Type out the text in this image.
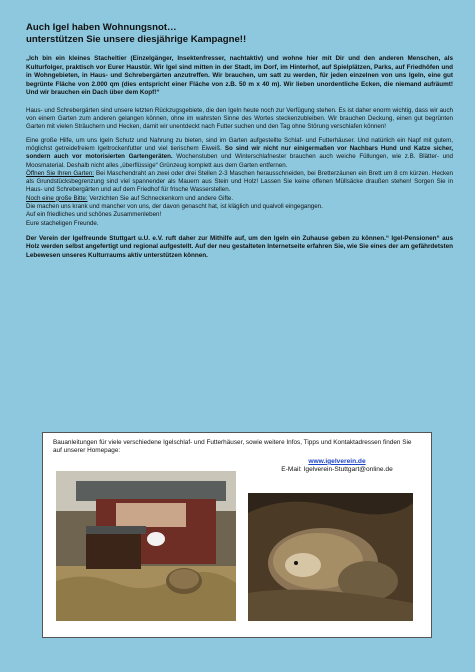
Auch Igel haben Wohnungsnot…
unterstützen Sie unsere diesjährige Kampagne!!
„Ich bin ein kleines Stacheltier (Einzelgänger, Insektenfresser, nachtaktiv) und wohne hier mit Dir und den anderen Menschen, als Kulturfolger, praktisch vor Eurer Haustür. Wir Igel sind mitten in der Stadt, im Dorf, im Hinterhof, auf Spielplätzen, Parks, auf Friedhöfen und in Wohngebieten, in Haus- und Schrebergärten anzutreffen. Wir brauchen, um satt zu werden, für jeden einzelnen von uns Igeln, eine gut begrünte Fläche von 2.000 qm (dies entspricht einer Fläche von z.B. 50 m x 40 m). Wir lieben unordentliche Ecken, die niemand aufräumt! Und wir brauchen ein Dach über dem Kopf!“

Haus- und Schrebergärten sind unsere letzten Rückzugsgebiete, die den Igeln heute noch zur Verfügung stehen. Es ist daher enorm wichtig, dass wir auch von einem Garten zum anderen gelangen können, ohne im wahrsten Sinne des Wortes steckenzubleiben. Wir brauchen Deckung, einen gut begrünten Garten mit vielen Sträuchern und Hecken, damit wir unentdeckt nach Futter suchen und den Tag ohne Störung verschlafen können!

Eine große Hilfe, um uns Igeln Schutz und Nahrung zu bieten, sind im Garten aufgestellte Schlaf- und Futterhäuser. Und natürlich ein Napf mit gutem, möglichst getreidefreiem Igeltrockenfutter und viel tierischem Eiweiß. So sind wir nicht nur einigermaßen vor Nachbars Hund und Katze sicher, sondern auch vor motorisierten Gartengeräten. Wochenstuben und Winterschlafnester brauchen auch weiche Füllungen, wie z.B. Blätter- und Moosmaterial. Deshalb nicht alles „überflüssige“ Grünzeug komplett aus dem Garten entfernen.

Öffnen Sie Ihren Garten: Bei Maschendraht an zwei oder drei Stellen 2-3 Maschen herausschneiden, bei Bretterzäunen ein Brett um 8 cm kürzen. Hecken als Grundstücksbegrenzung sind viel spannender als Mauern aus Stein und Holz! Lassen Sie keine offenen Müllsäcke draußen stehen! Sorgen Sie in Haus- und Schrebergärten und auf dem Friedhof für frische Wasserstellen.

Noch eine große Bitte: Verzichten Sie auf Schneckenkorn und andere Gifte.

Die machen uns krank und mancher von uns, der davon genascht hat, ist kläglich und qualvoll eingegangen.

Auf ein friedliches und schönes Zusammenleben!

Eure stacheligen Freunde.

Der Verein der Igelfreunde Stuttgart u.U. e.V. ruft daher zur Mithilfe auf, um den Igeln ein Zuhause geben zu können.“ Igel-Pensionen“ aus Holz werden selbst angefertigt und regional aufgestellt. Auf der neu gestalteten Internetseite erfahren Sie, wie Sie eines der am gefährdetsten Lebewesen unseres Kulturraums aktiv unterstützen können.
Bauanleitungen für viele verschiedene Igelschlaf- und Futterhäuser, sowie weitere Infos, Tipps und Kontaktadressen finden Sie auf unserer Homepage:
www.igelverein.de
E-Mail: Igelverein-Stuttgart@online.de
